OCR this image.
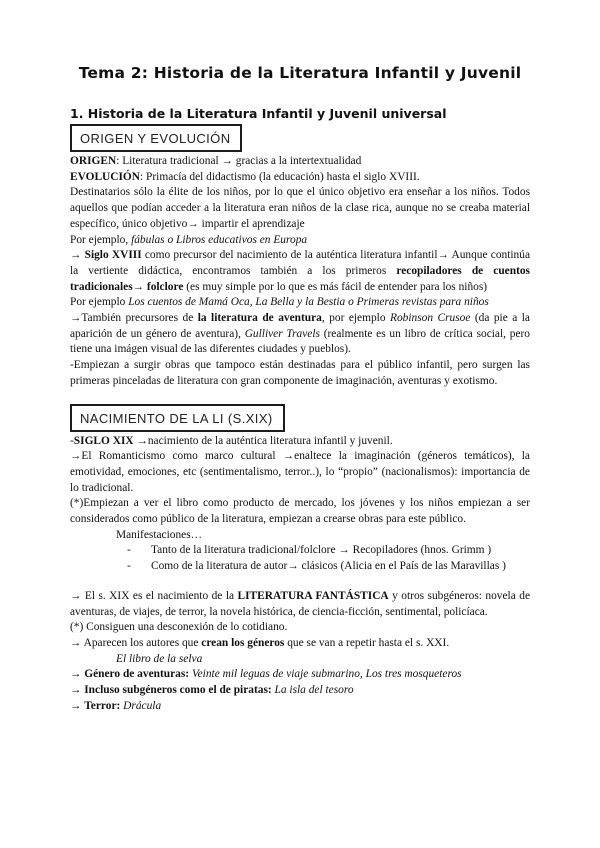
Tema 2: Historia de la Literatura Infantil y Juvenil
1. Historia de la Literatura Infantil y Juvenil universal
ORIGEN Y EVOLUCIÓN
ORIGEN: Literatura tradicional → gracias a la intertextualidad
EVOLUCIÓN: Primacía del didactismo (la educación) hasta el siglo XVIII.
Destinatarios sólo la élite de los niños, por lo que el único objetivo era enseñar a los niños. Todos aquellos que podían acceder a la literatura eran niños de la clase rica, aunque no se creaba material específico, único objetivo→ impartir el aprendizaje
Por ejemplo, fábulas o Libros educativos en Europa
→ Siglo XVIII como precursor del nacimiento de la auténtica literatura infantil→ Aunque continúa la vertiente didáctica, encontramos también a los primeros recopiladores de cuentos tradicionales→ folclore (es muy simple por lo que es más fácil de entender para los niños)
Por ejemplo Los cuentos de Mamá Oca, La Bella y la Bestia o Primeras revistas para niños
→También precursores de la literatura de aventura, por ejemplo Robinson Crusoe (da pie a la aparición de un género de aventura), Gulliver Travels (realmente es un libro de crítica social, pero tiene una imágen visual de las diferentes ciudades y pueblos).
-Empiezan a surgir obras que tampoco están destinadas para el público infantil, pero surgen las primeras pinceladas de literatura con gran componente de imaginación, aventuras y exotismo.
NACIMIENTO DE LA LI (S.XIX)
-SIGLO XIX →nacimiento de la auténtica literatura infantil y juvenil.
→El Romanticismo como marco cultural →enaltece la imaginación (géneros temáticos), la emotividad, emociones, etc (sentimentalismo, terror..), lo “propio” (nacionalismos): importancia de lo tradicional.
(*)Empiezan a ver el libro como producto de mercado, los jóvenes y los niños empiezan a ser considerados como público de la literatura, empiezan a crearse obras para este público.
Manifestaciones…
-	Tanto de la literatura tradicional/folclore → Recopiladores (hnos. Grimm )
-	Como de la literatura de autor→ clásicos (Alicia en el País de las Maravillas )
→ El s. XIX es el nacimiento de la LITERATURA FANTÁSTICA y otros subgéneros: novela de aventuras, de viajes, de terror, la novela histórica, de ciencia-ficción, sentimental, policíaca.
(*) Consiguen una desconexión de lo cotidiano.
→ Aparecen los autores que crean los géneros que se van a repetir hasta el s. XXI.
El libro de la selva
→ Género de aventuras: Veinte mil leguas de viaje submarino, Los tres mosqueteros
→ Incluso subgéneros como el de piratas: La isla del tesoro
→ Terror: Drácula
